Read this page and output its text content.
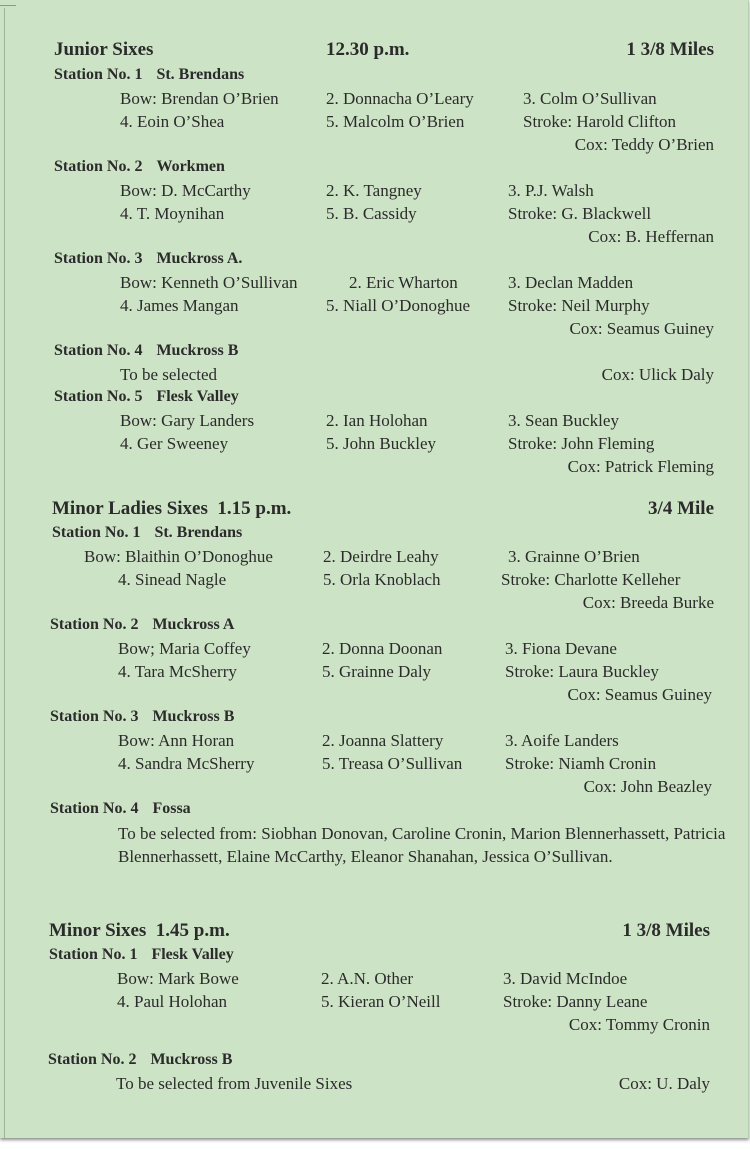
Junior Sixes	12.30 p.m.	1 3/8 Miles
Station No. 1 St. Brendans
Bow: Brendan O’Brien	2. Donnacha O’Leary	3. Colm O’Sullivan
4. Eoin O’Shea	5. Malcolm O’Brien	Stroke: Harold Clifton
Cox: Teddy O’Brien
Station No. 2 Workmen
Bow: D. McCarthy	2. K. Tangney	3. P.J. Walsh
4. T. Moynihan	5. B. Cassidy	Stroke: G. Blackwell
Cox: B. Heffernan
Station No. 3 Muckross A.
Bow: Kenneth O’Sullivan	2. Eric Wharton	3. Declan Madden
4. James Mangan	5. Niall O’Donoghue Stroke: Neil Murphy
Cox: Seamus Guiney
Station No. 4 Muckross B
To be selected	Cox: Ulick Daly
Station No. 5 Flesk Valley
Bow: Gary Landers	2. Ian Holohan	3. Sean Buckley
4. Ger Sweeney	5. John Buckley	Stroke: John Fleming
Cox: Patrick Fleming
Minor Ladies Sixes 1.15 p.m.	3/4 Mile
Station No. 1 St. Brendans
Bow: Blaithin O’Donoghue	2. Deirdre Leahy	3. Grainne O’Brien
4. Sinead Nagle	5. Orla Knoblach	Stroke: Charlotte Kelleher
Cox: Breeda Burke
Station No. 2 Muckross A
Bow; Maria Coffey	2. Donna Doonan	3. Fiona Devane
4. Tara McSherry	5. Grainne Daly	Stroke: Laura Buckley
Cox: Seamus Guiney
Station No. 3 Muckross B
Bow: Ann Horan	2. Joanna Slattery	3. Aoife Landers
4. Sandra McSherry	5. Treasa O’Sullivan	Stroke: Niamh Cronin
Cox: John Beazley
Station No. 4 Fossa
To be selected from: Siobhan Donovan, Caroline Cronin, Marion Blennerhassett, Patricia Blennerhassett, Elaine McCarthy, Eleanor Shanahan, Jessica O’Sullivan.
Minor Sixes 1.45 p.m.	1 3/8 Miles
Station No. 1 Flesk Valley
Bow: Mark Bowe	2. A.N. Other	3. David McIndoe
4. Paul Holohan	5. Kieran O’Neill	Stroke: Danny Leane
Cox: Tommy Cronin
Station No. 2 Muckross B
To be selected from Juvenile Sixes	Cox: U. Daly
